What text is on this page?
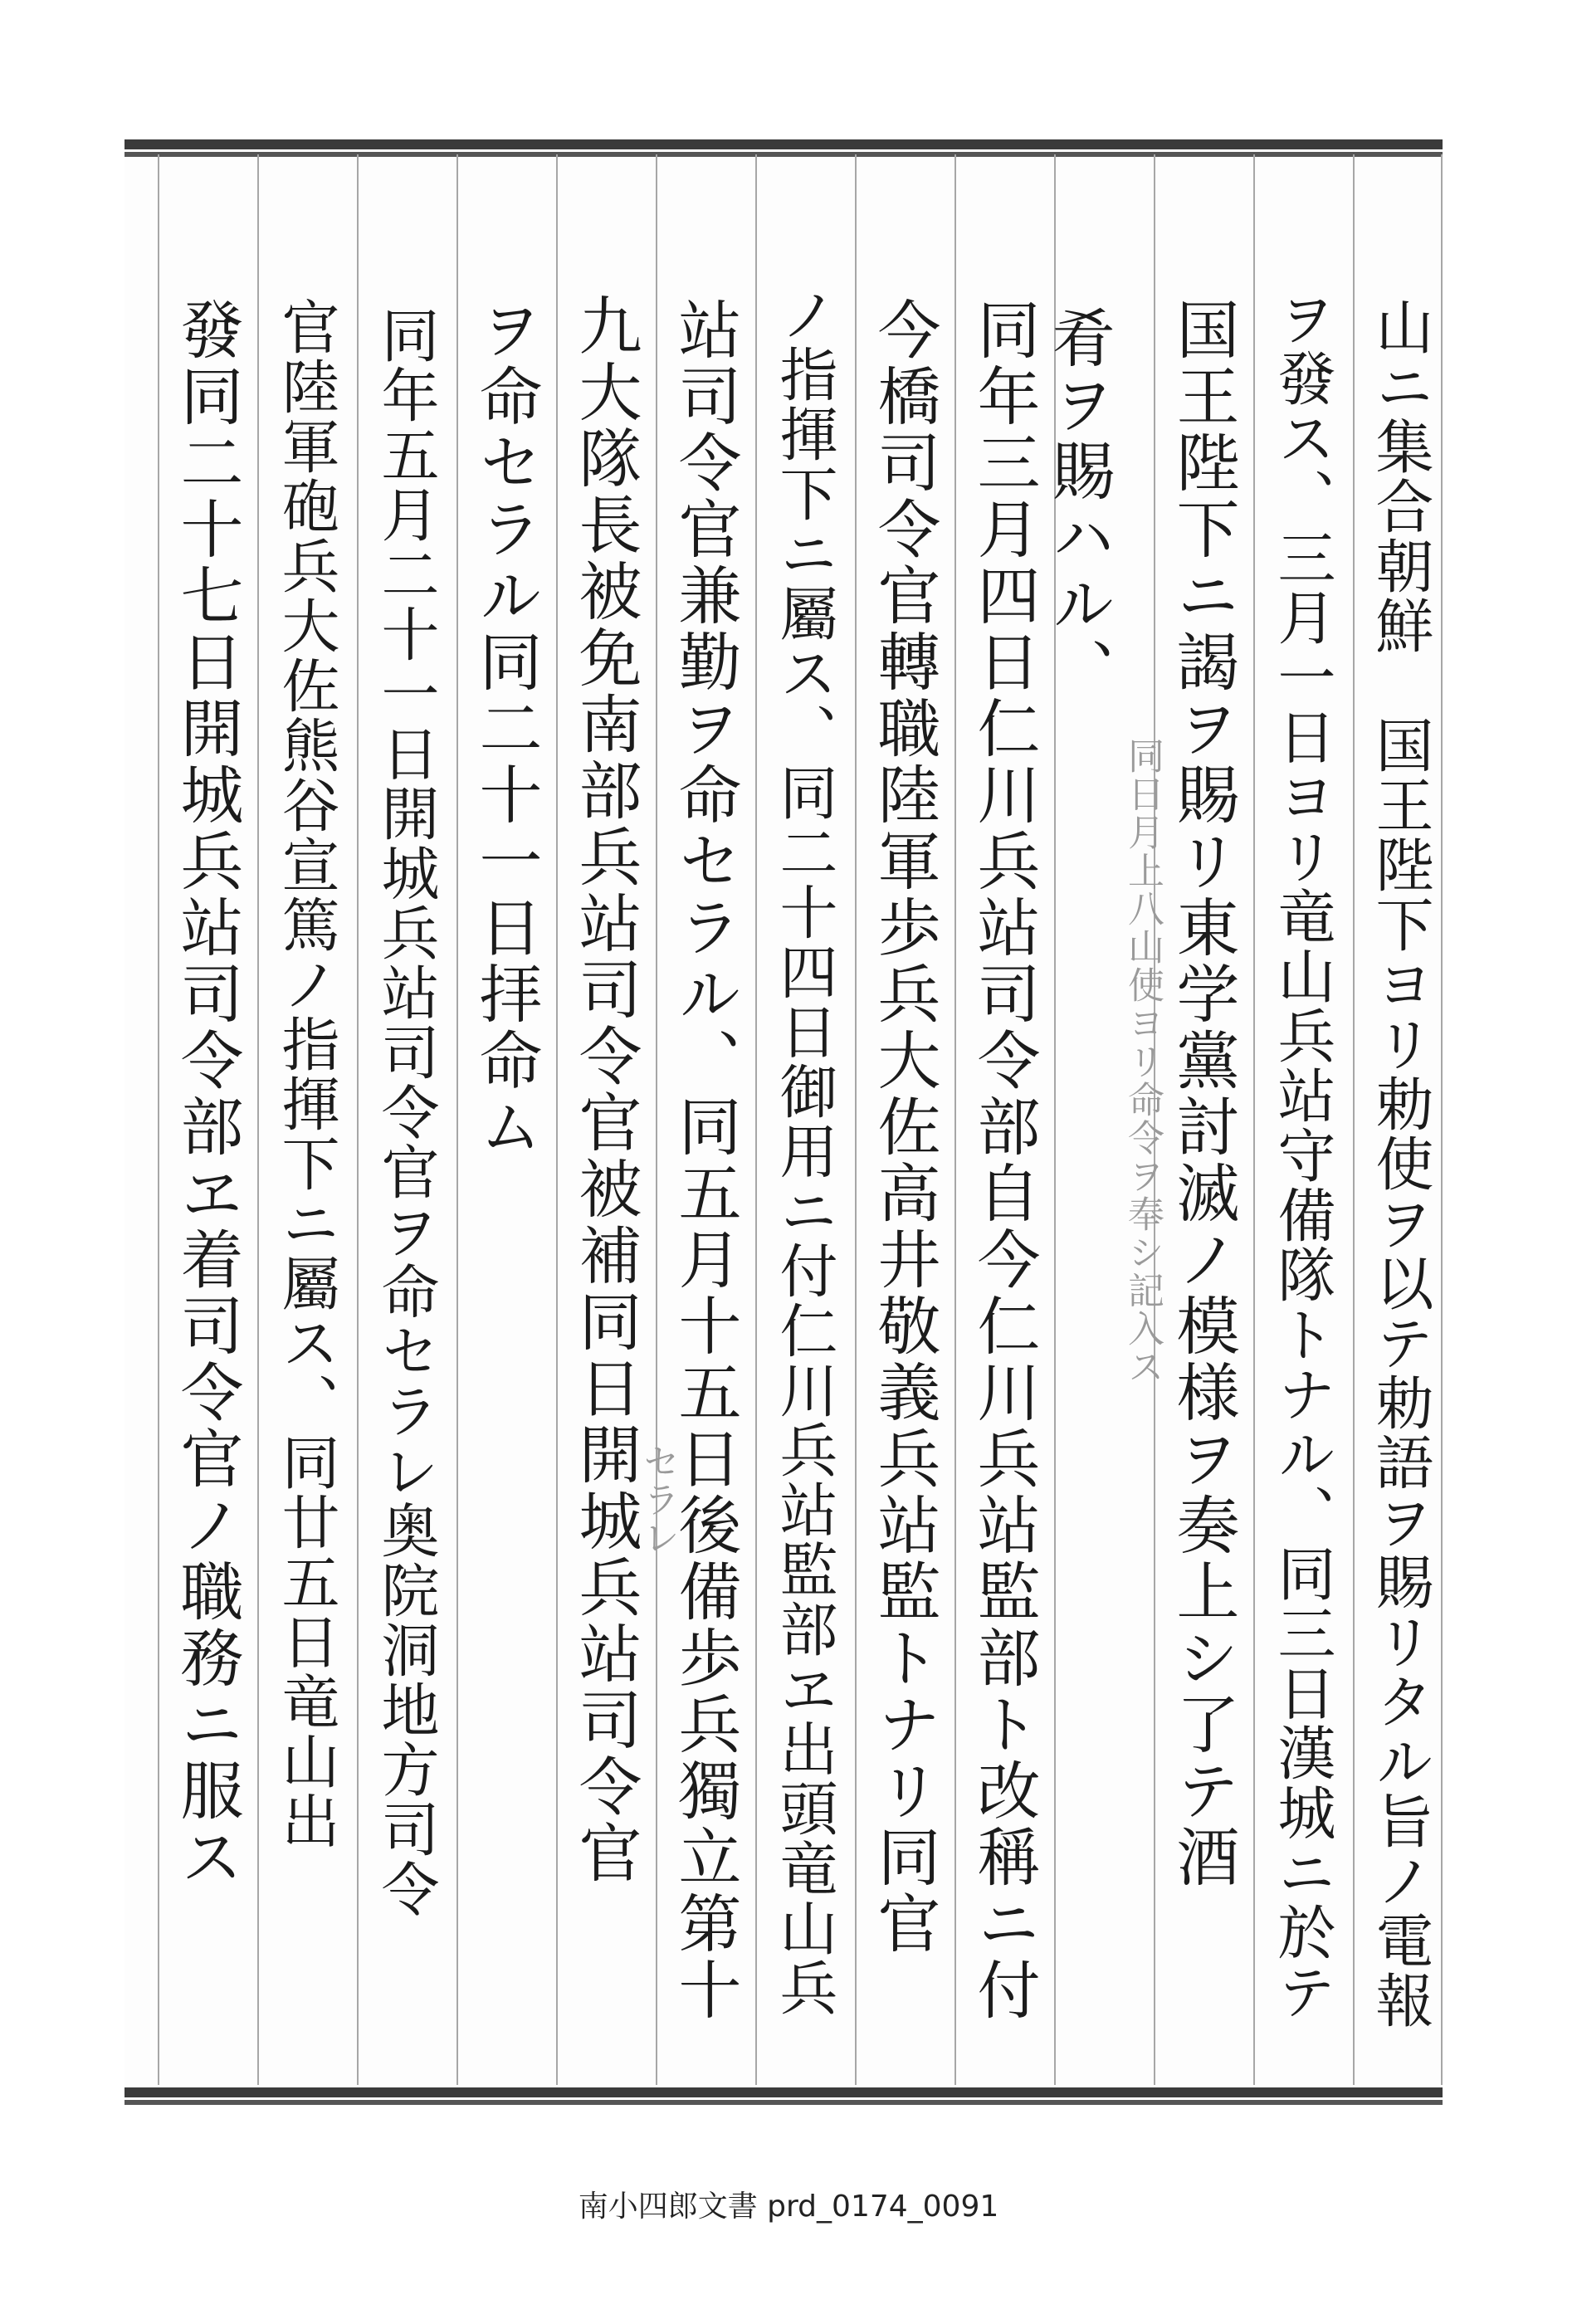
山ニ集合朝鮮　国王陛下ヨリ勅使ヲ以テ勅語ヲ賜リタル旨ノ電報
ヲ發ス、三月一日ヨリ竜山兵站守備隊トナル、同三日漢城ニ於テ
国王陛下ニ謁ヲ賜リ東学黨討滅ノ模様ヲ奏上シ了テ酒
肴ヲ賜ハル、
同日月上八山使ヨリ命令ヲ奉シ記入ス
同年三月四日仁川兵站司令部自今仁川兵站監部ト改稱ニ付
今橋司令官轉職陸軍歩兵大佐高井敬義兵站監トナリ同官
ノ指揮下ニ屬ス、同二十四日御用ニ付仁川兵站監部ヱ出頭竜山兵
站司令官兼勤ヲ命セラル、同五月十五日後備歩兵獨立第十
九大隊長被免南部兵站司令官被補同日開城兵站司令官
セラレ
ヲ命セラル同二十一日拝命ム
同年五月二十一日開城兵站司令官ヲ命セラレ奥院洞地方司令
官陸軍砲兵大佐熊谷宣篤ノ指揮下ニ屬ス、同廿五日竜山出
發同二十七日開城兵站司令部ヱ着司令官ノ職務ニ服ス
南小四郎文書 prd_0174_0091
